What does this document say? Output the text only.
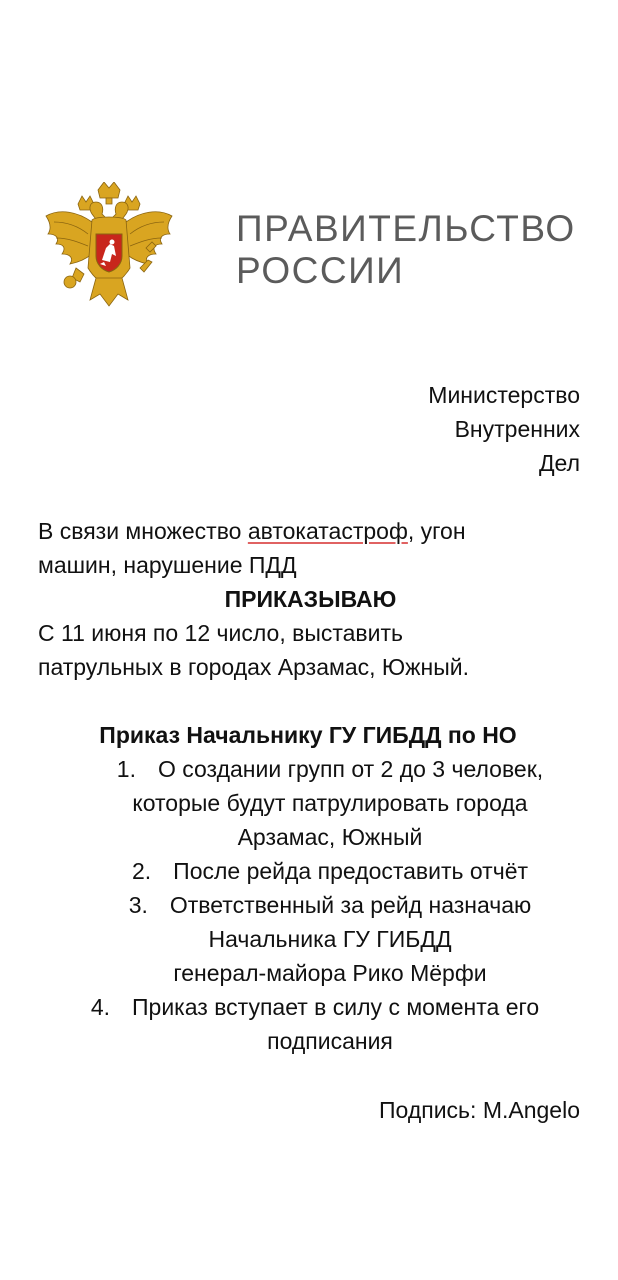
ПРАВИТЕЛЬСТВО
РОССИИ
Министерство
Внутренних
Дел
В связи множество автокатастроф, угон
машин, нарушение ПДД
ПРИКАЗЫВАЮ
С 11 июня по 12 число, выставить
патрульных в городах Арзамас, Южный.
Приказ Начальнику ГУ ГИБДД по НО
1. О создании групп от 2 до 3 человек,
которые будут патрулировать города
Арзамас, Южный
2. После рейда предоставить отчёт
3. Ответственный за рейд назначаю
Начальника ГУ ГИБДД
генерал-майора Рико Мёрфи
4. Приказ вступает в силу с момента его
подписания
Подпись: M.Angelo
